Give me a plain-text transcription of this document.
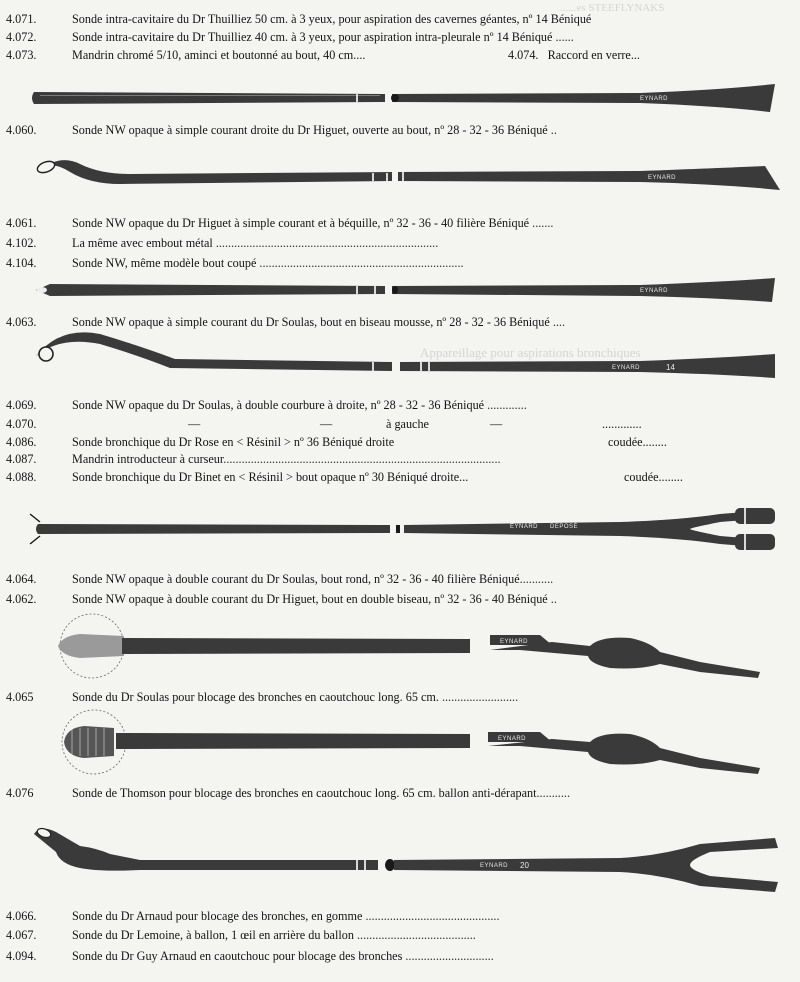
......es STEEFLYNAKS
Appareillage pour aspirations bronchiques
4.071.	Sonde intra-cavitaire du Dr Thuilliez 50 cm. à 3 yeux, pour aspiration des cavernes géantes, nº 14 Béniqué
4.072.	Sonde intra-cavitaire du Dr Thuilliez 40 cm. à 3 yeux, pour aspiration intra-pleurale nº 14 Béniqué ......
4.073.	Mandrin chromé 5/10, aminci et boutonné au bout, 40 cm....	4.074. Raccord en verre...
4.060.	Sonde NW opaque à simple courant droite du Dr Higuet, ouverte au bout, nº 28 - 32 - 36 Béniqué ..
4.061.	Sonde NW opaque du Dr Higuet à simple courant et à béquille, nº 32 - 36 - 40 filière Béniqué .......
4.102.	La même avec embout métal .........................................................................
4.104.	Sonde NW, même modèle bout coupé ...................................................................
4.063.	Sonde NW opaque à simple courant du Dr Soulas, bout en biseau mousse, nº 28 - 32 - 36 Béniqué ....
4.069.	Sonde NW opaque du Dr Soulas, à double courbure à droite, nº 28 - 32 - 36 Béniqué .............
4.070.	—	—	à gauche	—	.............
4.086.	Sonde bronchique du Dr Rose en < Résinil > nº 36 Béniqué droite	coudée........
4.087.	Mandrin introducteur à curseur...........................................................................................
4.088.	Sonde bronchique du Dr Binet en < Résinil > bout opaque nº 30 Béniqué droite...	coudée........
4.064.	Sonde NW opaque à double courant du Dr Soulas, bout rond, nº 32 - 36 - 40 filière Béniqué...........
4.062.	Sonde NW opaque à double courant du Dr Higuet, bout en double biseau, nº 32 - 36 - 40 Béniqué ..
4.065	Sonde du Dr Soulas pour blocage des bronches en caoutchouc long. 65 cm. .........................
4.076	Sonde de Thomson pour blocage des bronches en caoutchouc long. 65 cm. ballon anti-dérapant...........
4.066.	Sonde du Dr Arnaud pour blocage des bronches, en gomme ............................................
4.067.	Sonde du Dr Lemoine, à ballon, 1 œil en arrière du ballon .......................................
4.094.	Sonde du Dr Guy Arnaud en caoutchouc pour blocage des bronches .............................
EYNARD
EYNARD
EYNARD
EYNARD	14
EYNARD DÉPOSÉ
EYNARD
EYNARD
EYNARD 20
